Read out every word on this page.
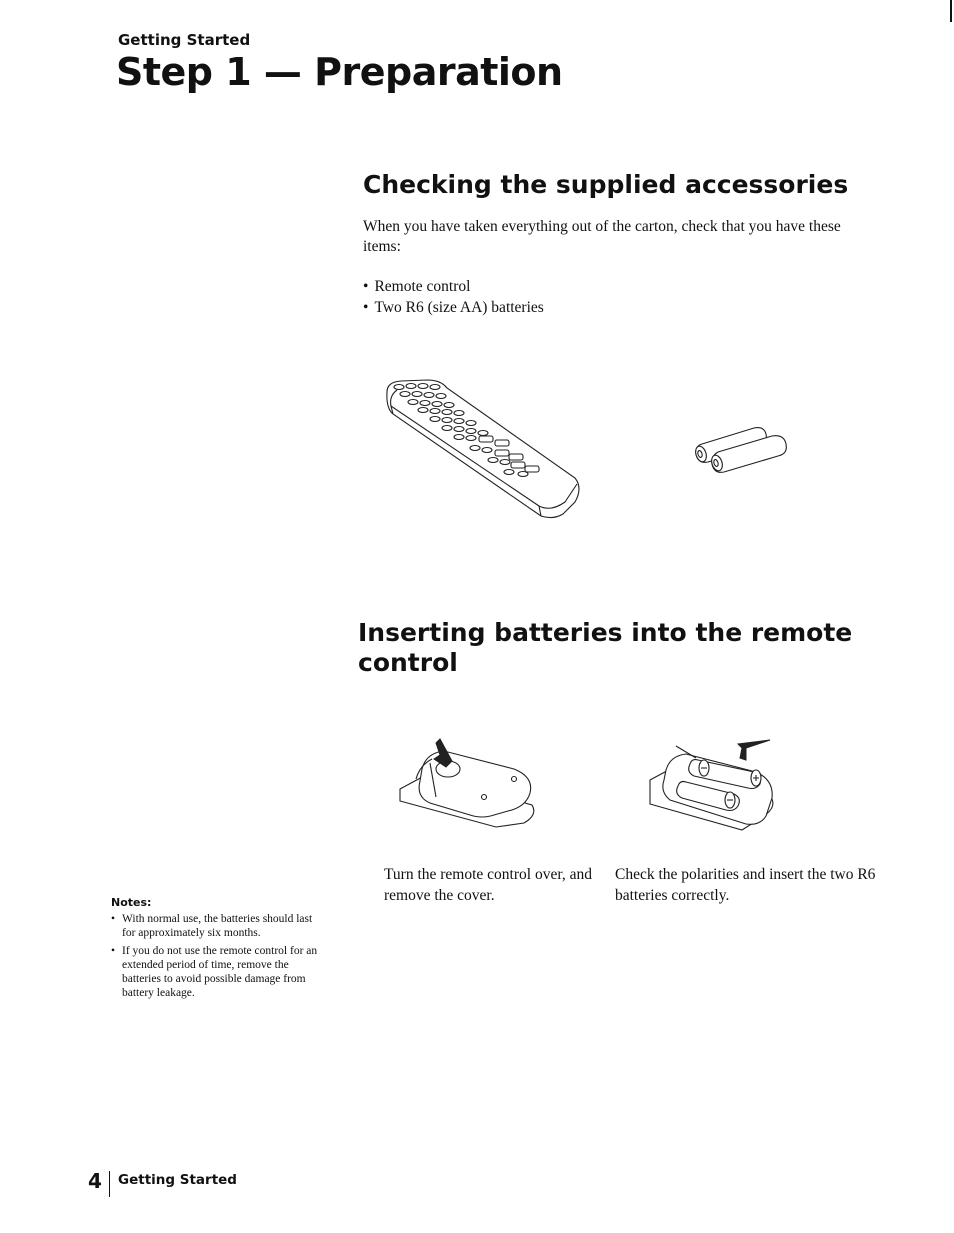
Getting Started
Step 1 — Preparation
Checking the supplied accessories

When you have taken everything out of the carton, check that you have these items:

• Remote control
• Two R6 (size AA) batteries
Inserting batteries into the remote control

Turn the remote control over, and remove the cover.

Check the polarities and insert the two R6 batteries correctly.

Notes:
• With normal use, the batteries should last for approximately six months.
• If you do not use the remote control for an extended period of time, remove the batteries to avoid possible damage from battery leakage.
4 Getting Started
